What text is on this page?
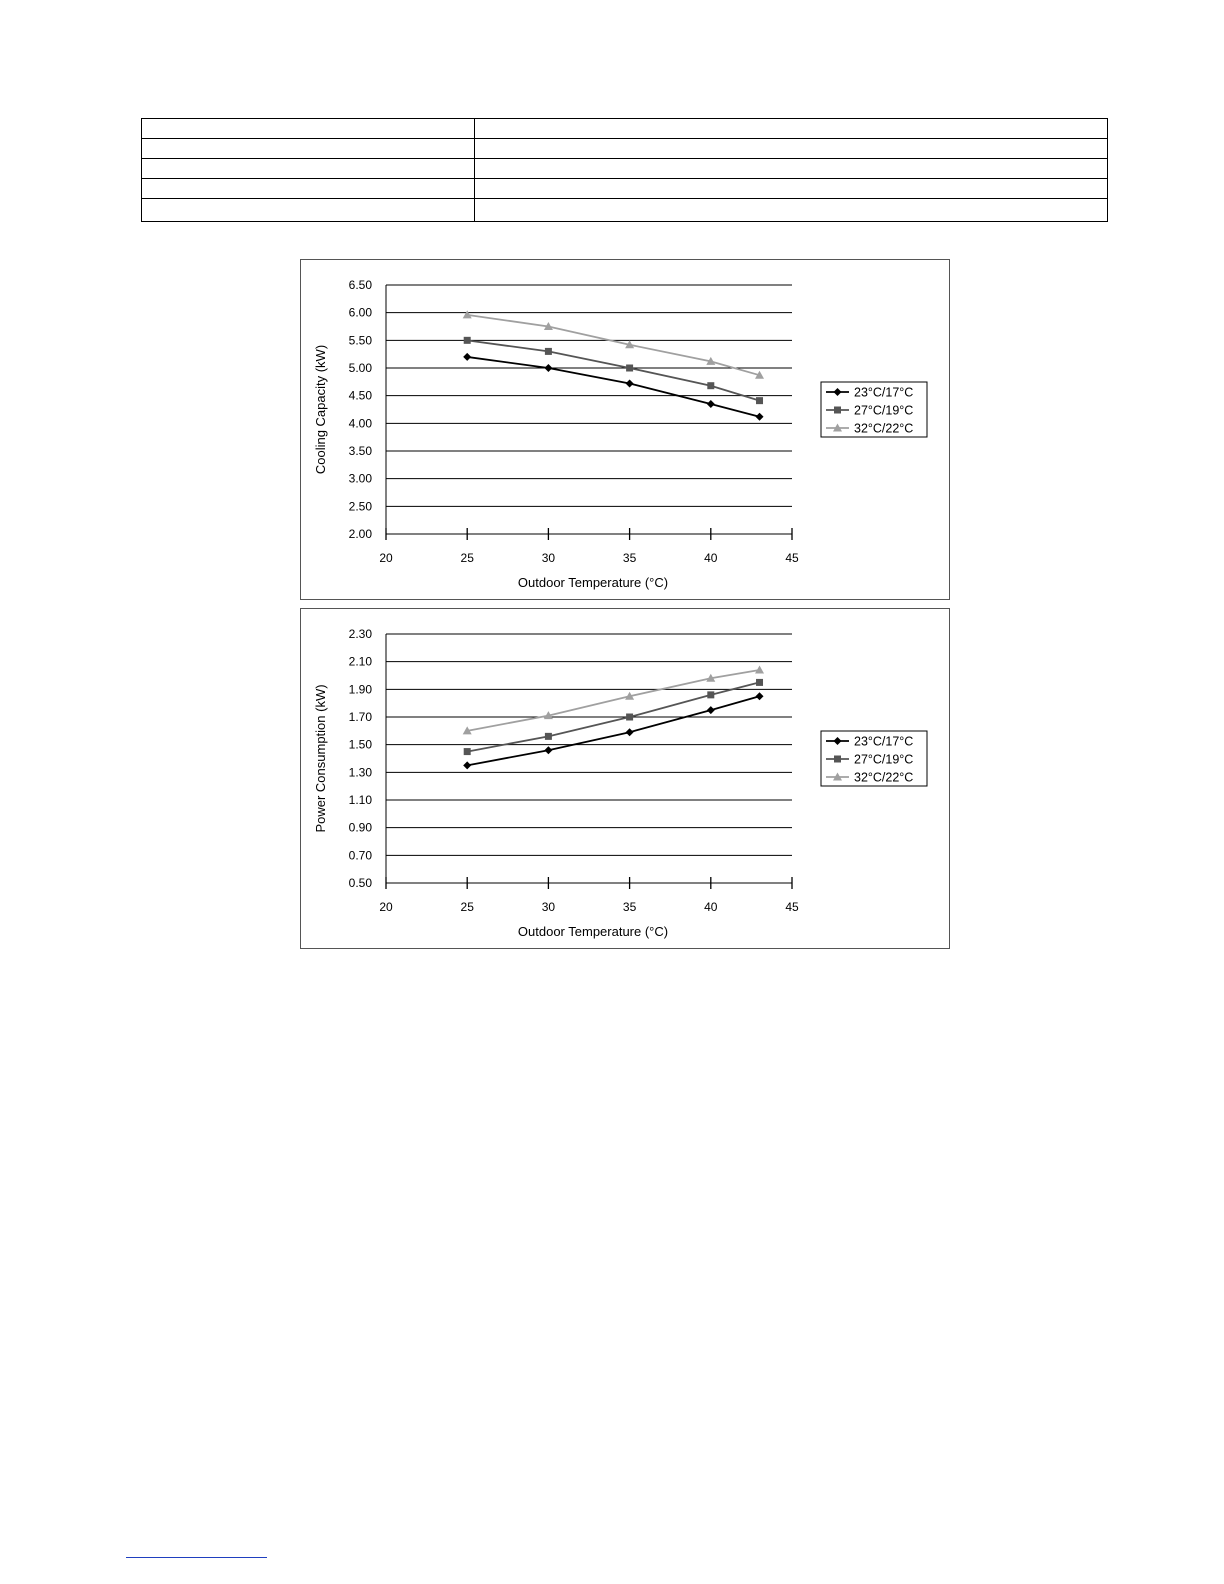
2.00
2.50
3.00
3.50
4.00
4.50
5.00
5.50
6.00
6.50
20	25	30	35	40	45
Outdoor Temperature (°C)
Cooling Capacity (kW)	23°C/17°C
27°C/19°C
32°C/22°C
0.50
0.70
0.90
1.10
1.30
1.50
1.70
1.90
2.10
2.30
20	25	30	35	40	45
Outdoor Temperature (°C)
Power Consumption (kW)	23°C/17°C
27°C/19°C
32°C/22°C
